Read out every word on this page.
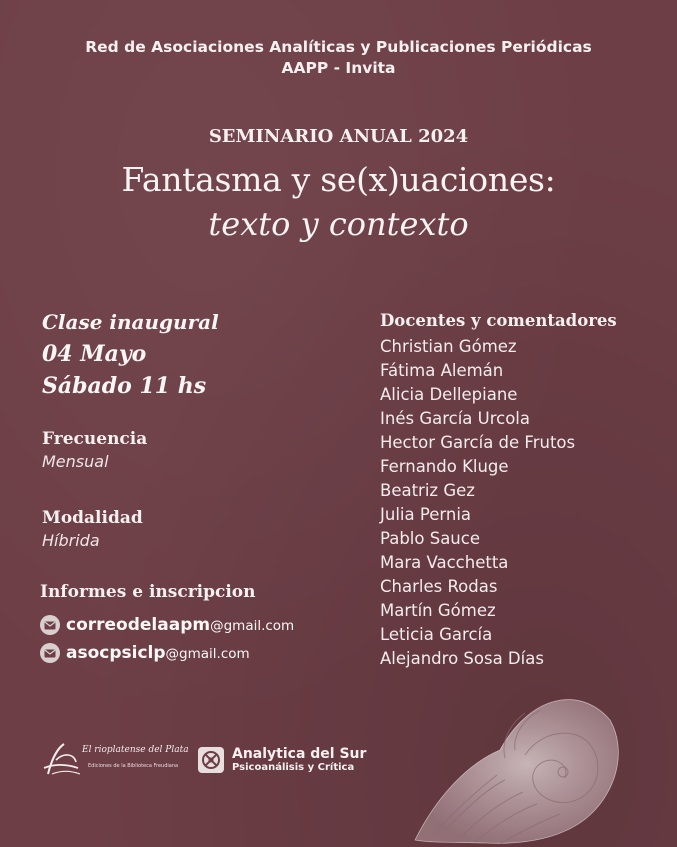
Red de Asociaciones Analíticas y Publicaciones Periódicas
AAPP - Invita
SEMINARIO ANUAL 2024
Fantasma y se(x)uaciones:
texto y contexto
Clase inaugural
04 Mayo
Sábado 11 hs
Frecuencia
Mensual
Modalidad
Híbrida
Informes e inscripcion
correodelaapm@gmail.com
asocpsiclp@gmail.com
Docentes y comentadores
Christian Gómez
Fátima Alemán
Alicia Dellepiane
Inés García Urcola
Hector García de Frutos
Fernando Kluge
Beatriz Gez
Julia Pernia
Pablo Sauce
Mara Vacchetta
Charles Rodas
Martín Gómez
Leticia García
Alejandro Sosa Días
El rioplatense del Plata
Ediciones de la Biblioteca Freudiana
Analytica del Sur
Psicoanálisis y Crítica
